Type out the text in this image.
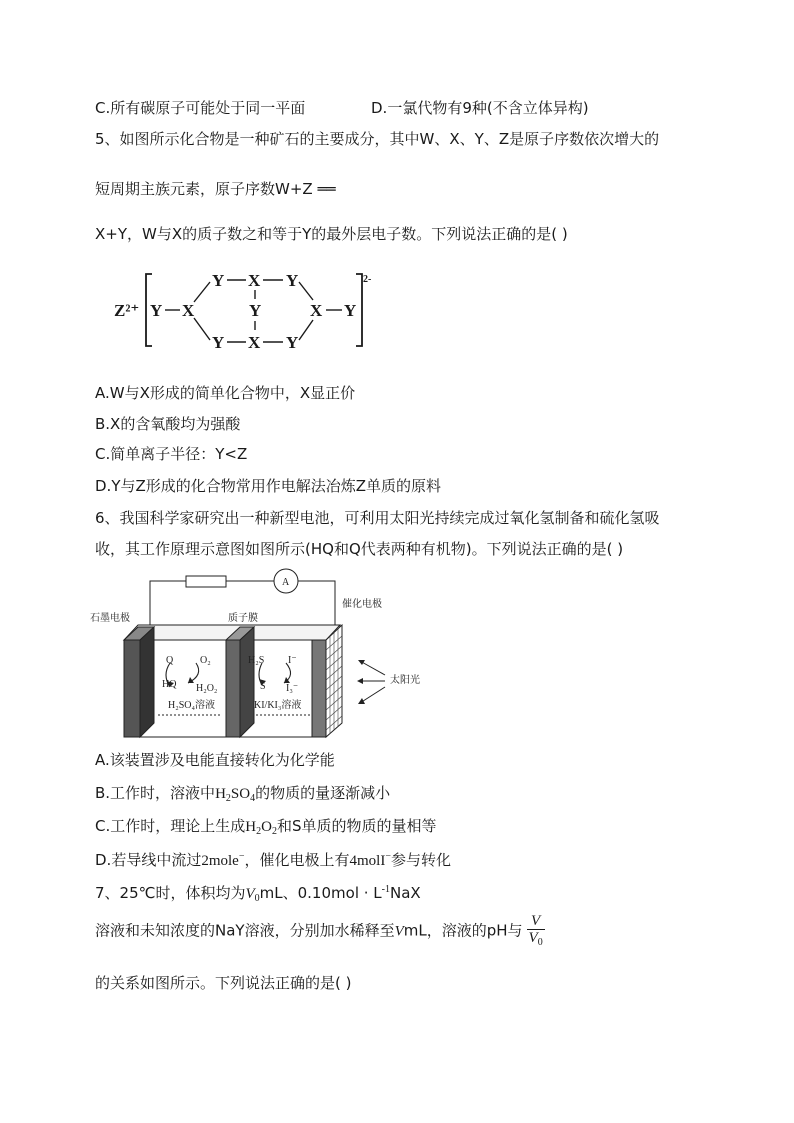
C.所有碳原子可能处于同一平面	D.一氯代物有9种(不含立体异构)
5、如图所示化合物是一种矿石的主要成分，其中W、X、Y、Z是原子序数依次增大的
短周期主族元素，原子序数W+Z ══
X+Y，W与X的质子数之和等于Y的最外层电子数。下列说法正确的是( )
Z²⁺
2-
Y X
Y X Y
Y	X Y
Y X Y
A.W与X形成的简单化合物中，X显正价
B.X的含氧酸均为强酸
C.简单离子半径：Y<Z
D.Y与Z形成的化合物常用作电解法冶炼Z单质的原料
6、我国科学家研究出一种新型电池，可利用太阳光持续完成过氧化氢制备和硫化氢吸
收，其工作原理示意图如图所示(HQ和Q代表两种有机物)。下列说法正确的是( )
A
石墨电极	质子膜
催化电极
太阳光
Q	O₂
HQ H₂O₂
H₂SO₄溶液
H₂S I⁻
S I₃⁻
KI/KI₃溶液
A.该装置涉及电能直接转化为化学能
B.工作时，溶液中$H_2SO_4$的物质的量逐渐减小
C.工作时，理论上生成$H_2O_2$和S单质的物质的量相等
D.若导线中流过2mole−，催化电极上有4molI−参与转化
7、25℃时，体积均为$V_0mL$、$0.10mol \cdot L^{-1}NaX$
溶液和未知浓度的NaY溶液，分别加水稀释至VmL，溶液的pH与 $\frac{V}{V_0}$
的关系如图所示。下列说法正确的是( )
